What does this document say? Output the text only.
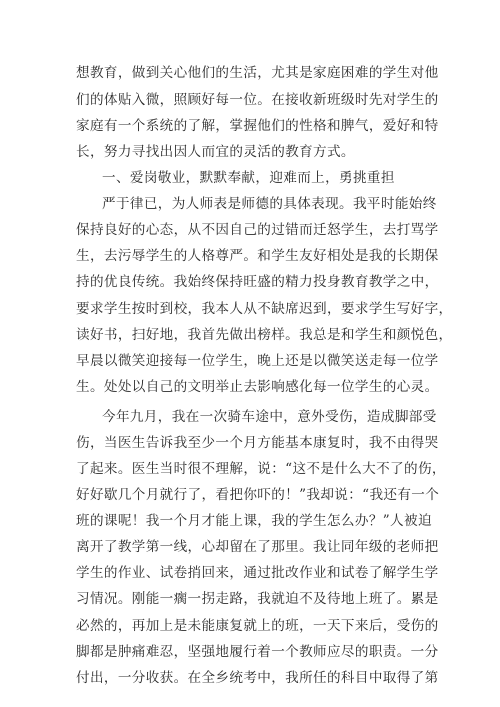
想教育，做到关心他们的生活，尤其是家庭困难的学生对他
们的体贴入微，照顾好每一位。在接收新班级时先对学生的
家庭有一个系统的了解，掌握他们的性格和脾气，爱好和特
长，努力寻找出因人而宜的灵活的教育方式。
一、爱岗敬业，默默奉献，迎难而上，勇挑重担
严于律已，为人师表是师德的具体表现。我平时能始终
保持良好的心态，从不因自己的过错而迁怒学生，去打骂学
生，去污辱学生的人格尊严。和学生友好相处是我的长期保
持的优良传统。我始终保持旺盛的精力投身教育教学之中，
要求学生按时到校，我本人从不缺席迟到，要求学生写好字，
读好书，扫好地，我首先做出榜样。我总是和学生和颜悦色，
早晨以微笑迎接每一位学生，晚上还是以微笑送走每一位学
生。处处以自己的文明举止去影响感化每一位学生的心灵。
今年九月，我在一次骑车途中，意外受伤，造成脚部受
伤，当医生告诉我至少一个月方能基本康复时，我不由得哭
了起来。医生当时很不理解，说：“这不是什么大不了的伤，
好好歇几个月就行了，看把你吓的！”我却说：“我还有一个
班的课呢！我一个月才能上课，我的学生怎么办？”人被迫
离开了教学第一线，心却留在了那里。我让同年级的老师把
学生的作业、试卷捎回来，通过批改作业和试卷了解学生学
习情况。刚能一瘸一拐走路，我就迫不及待地上班了。累是
必然的，再加上是未能康复就上的班，一天下来后，受伤的
脚都是肿痛难忍，坚强地履行着一个教师应尽的职责。一分
付出，一分收获。在全乡统考中，我所任的科目中取得了第
